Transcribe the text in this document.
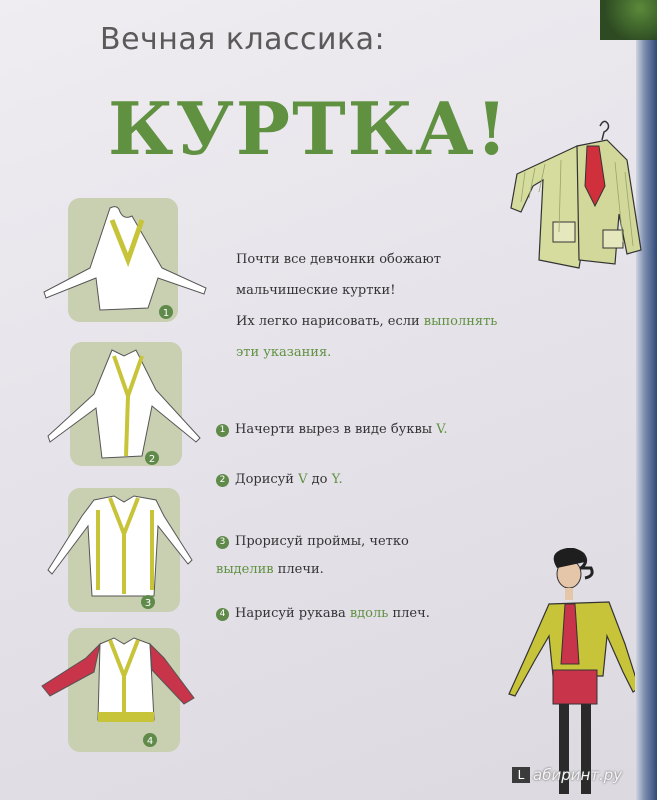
Вечная классика:
КУРТКА!
1
2
3
4
Почти все девчонки обожают
мальчишеские куртки!
Их легко нарисовать, если выполнять
эти указания.
1 Начерти вырез в виде буквы V.
2 Дорисуй V до Y.
3 Прорисуй проймы, четко
выделив плечи.
4 Нарисуй рукава вдоль плеч.
L абиринт.ру
